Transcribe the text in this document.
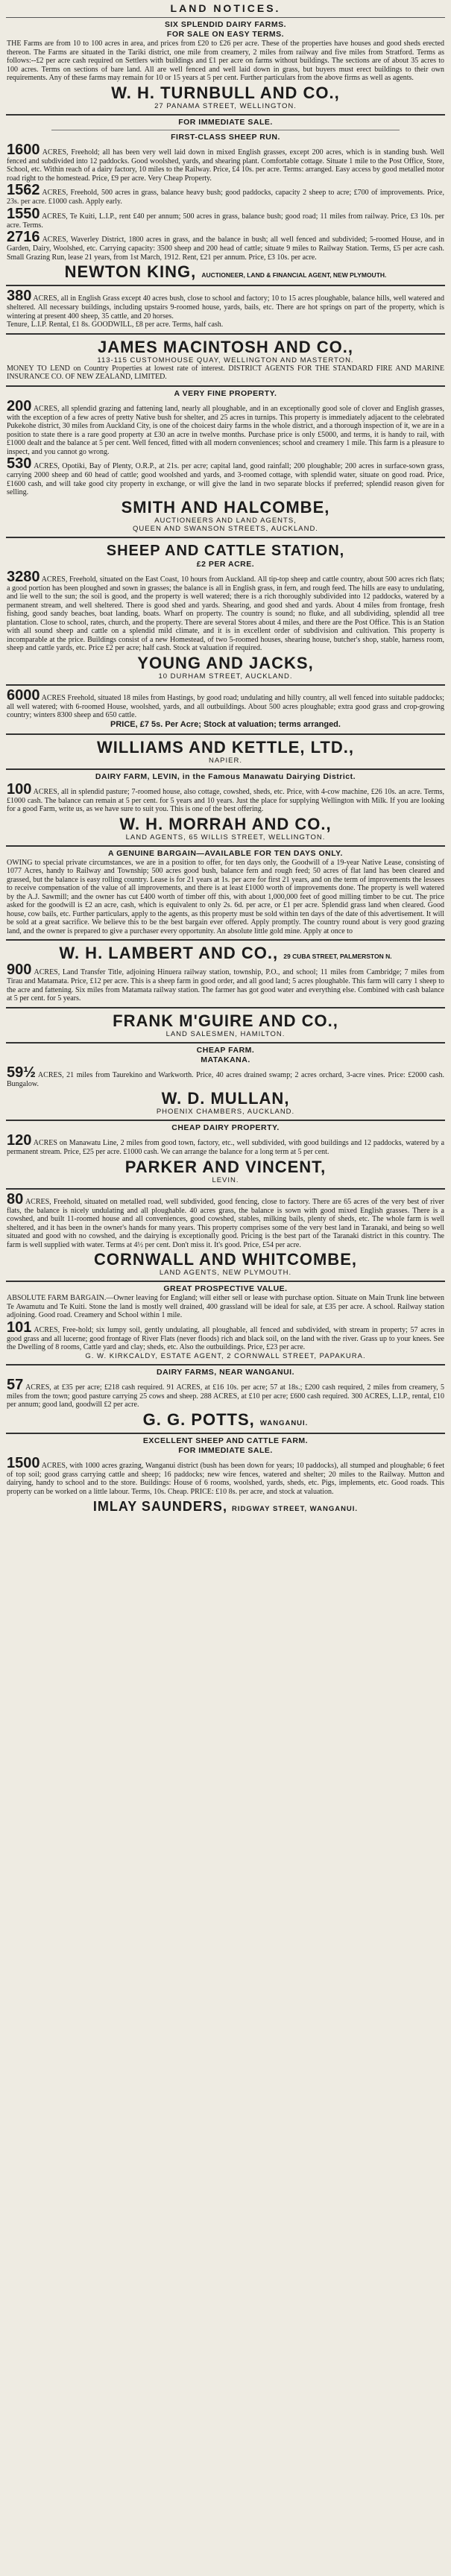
LAND NOTICES.
SIX SPLENDID DAIRY FARMS.
FOR SALE ON EASY TERMS.

THE Farms are from 10 to 100 acres in area, and prices from £20 to £26 per acre. These of the properties have houses and good sheds erected thereon. The Farms are situated in the Tariki district, one mile from creamery, 2 miles from railway and five miles from Stratford. Terms as follows:--£2 per acre cash required on Settlers with buildings and £1 per acre on farms without buildings. The sections are of about 35 acres to 100 acres. Terms on sections of bare land. All are well fenced and well laid down in grass, but buyers must erect buildings to their own requirements. Any of these farms may remain for 10 or 15 years at 5 per cent. Further particulars from the above firms as well as agents.

W. H. TURNBULL AND CO.,
27 PANAMA STREET, WELLINGTON.
FOR IMMEDIATE SALE.
FIRST-CLASS SHEEP RUN.

1600 ACRES, Freehold; all has been very well laid down in mixed English grasses, except 200 acres, which is in standing bush. Well fenced and subdivided into 12 paddocks. Good woolshed, yards, and shearing plant. Comfortable cottage. Situate 1 mile to the Post Office, Store, School, etc. Within reach of a dairy factory, 10 miles to the Railway. Price, £4 10s. per acre. Terms: arranged. Easy access by good metalled motor road right to the homestead. Price, £9 per acre. Very Cheap Property.

1562 ACRES, Freehold, 500 acres in grass, balance heavy bush; good paddocks, capacity 2 sheep to acre; £700 of improvements. Price, 23s. per acre. £1000 cash. Apply early.

1550 ACRES, Te Kuiti, L.I.P., rent £40 per annum; 500 acres in grass, balance bush; good road; 11 miles from railway. Price, £3 10s. per acre. Terms.

2716 ACRES, Waverley District, 1800 acres in grass, and the balance in bush; all well fenced and subdivided; 5-roomed House, and in Garden, Dairy, Woolshed, etc. Carrying capacity: 3500 sheep and 200 head of cattle; situate 9 miles to Railway Station. Terms, £5 per acre cash. Small Grazing Run, lease 21 years, from 1st March, 1912. Rent, £21 per annum. Price, £3 10s. per acre.

NEWTON KING, AUCTIONEER, LAND & FINANCIAL AGENT, NEW PLYMOUTH.

380 ACRES, all in English Grass except 40 acres bush, close to school and factory; 10 to 15 acres ploughable, balance hills, well watered and sheltered. All necessary buildings, including upstairs 9-roomed house, yards, bails, etc. There are hot springs on part of the property, which is wintering at present 400 sheep, 35 cattle, and 20 horses.

Tenure, L.I.P. Rental, £1 8s. GOODWILL, £8 per acre. Terms, half cash.

JAMES MACINTOSH AND CO.,
113-115 CUSTOMHOUSE QUAY, WELLINGTON AND MASTERTON.

MONEY TO LEND on Country Properties at lowest rate of interest. DISTRICT AGENTS FOR THE STANDARD FIRE AND MARINE INSURANCE CO. OF NEW ZEALAND, LIMITED.

A VERY FINE PROPERTY.

200 ACRES, all splendid grazing and fattening land, nearly all ploughable, and in an exceptionally good sole of clover and English grasses, with the exception of a few acres of pretty Native bush for shelter, and 25 acres in turnips. This property is immediately adjacent to the celebrated Pukekohe district, 30 miles from Auckland City, is one of the choicest dairy farms in the whole district, and a thorough inspection of it, we are in a position to state there is a rare good property at £30 an acre in twelve months. Purchase price is only £5000, and terms, it is handy to rail, with £1000 dealt and the balance at 5 per cent. Well fenced, fitted with all modern conveniences; school and creamery 1 mile. This farm is a pleasure to inspect, and you cannot go wrong.

530 ACRES, Opotiki, Bay of Plenty, O.R.P., at 21s. per acre; capital land, good rainfall; 200 ploughable; 200 acres in surface-sown grass, carrying 2000 sheep and 60 head of cattle; good woolshed and yards, and 3-roomed cottage, with splendid water, situate on good road. Price, £1600 cash, and will take good city property in exchange, or will give the land in two separate blocks if preferred; splendid reason given for selling.

SMITH AND HALCOMBE,
AUCTIONEERS AND LAND AGENTS,
QUEEN AND SWANSON STREETS, AUCKLAND.
SHEEP AND CATTLE STATION,
£2 PER ACRE.

3280 ACRES, Freehold, situated on the East Coast, 10 hours from Auckland. All tip-top sheep and cattle country, about 500 acres rich flats; a good portion has been ploughed and sown in grasses; the balance is all in English grass, in fern, and rough feed. The hills are easy to undulating, and lie well to the sun; the soil is good, and the property is well watered; there is a rich thoroughly subdivided into 12 paddocks, watered by a permanent stream, and well sheltered. There is good shed and yards. Shearing, and good shed and yards. About 4 miles from frontage, fresh fishing, good sandy beaches, boat landing, boats. Wharf on property. The country is sound; no fluke, and all subdividing, splendid all tree plantation. Close to school, rates, church, and the property. There are several Stores about 4 miles, and there are the Post Office. This is an Station with all sound sheep and cattle on a splendid mild climate, and it is in excellent order of subdivision and cultivation. This property is incomparable at the price. Buildings consist of a new Homestead, of two 5-roomed houses, shearing house, butcher's shop, stable, harness room, sheep and cattle yards, etc. Price £2 per acre; half cash. Stock at valuation if required.

YOUNG AND JACKS,
10 DURHAM STREET, AUCKLAND.

6000 ACRES Freehold, situated 18 miles from Hastings, by good road; undulating and hilly country, all well fenced into suitable paddocks; all well watered; with 6-roomed House, woolshed, yards, and all outbuildings. About 500 acres ploughable; extra good grass and crop-growing country; winters 8300 sheep and 650 cattle.

PRICE, £7 5s. Per Acre; Stock at valuation; terms arranged.
WILLIAMS AND KETTLE, LTD.,
NAPIER.
DAIRY FARM, LEVIN, in the Famous Manawatu Dairying District.

100 ACRES, all in splendid pasture; 7-roomed house, also cottage, cowshed, sheds, etc. Price, with 4-cow machine, £26 10s. an acre. Terms, £1000 cash. The balance can remain at 5 per cent. for 5 years and 10 years. Just the place for supplying Wellington with Milk. If you are looking for a good Farm, write us, as we have sure to suit you. This is one of the best offering.

W. H. MORRAH AND CO.,
LAND AGENTS, 65 WILLIS STREET, WELLINGTON.
A GENUINE BARGAIN—AVAILABLE FOR TEN DAYS ONLY.

OWING to special private circumstances, we are in a position to offer, for ten days only, the Goodwill of a 19-year Native Lease, consisting of 1077 Acres, handy to Railway and Township; 500 acres good bush, balance fern and rough feed; 50 acres of flat land has been cleared and grassed, but the balance is easy rolling country. Lease is for 21 years at 1s. per acre for first 21 years, and on the term of improvements the lessees to receive compensation of the value of all improvements, and there is at least £1000 worth of improvements done. The property is well watered by the A.J. Sawmill; and the owner has cut £400 worth of timber off this, with about 1,000,000 feet of good milling timber to be cut. The price asked for the goodwill is £2 an acre, cash, which is equivalent to only 2s. 6d. per acre, or £1 per acre. Splendid grass land when cleared. Good house, cow bails, etc. Further particulars, apply to the agents, as this property must be sold within ten days of the date of this advertisement. It will be sold at a great sacrifice. We believe this to be the best bargain ever offered. Apply promptly. The country round about is very good grazing land, and the owner is prepared to give a purchaser every opportunity. An absolute little gold mine. Apply at once to

W. H. LAMBERT AND CO., 29 CUBA STREET, PALMERSTON N.

900 ACRES, Land Transfer Title, adjoining Hinuera railway station, township, P.O., and school; 11 miles from Cambridge; 7 miles from Tirau and Matamata. Price, £12 per acre. This is a sheep farm in good order, and all good land; 5 acres ploughable. This farm will carry 1 sheep to the acre and fattening. Six miles from Matamata railway station. The farmer has got good water and everything else. Combined with cash balance at 5 per cent. for 5 years.

FRANK M'GUIRE AND CO.,
LAND SALESMEN, HAMILTON.
CHEAP FARM.
MATAKANA.

59½ ACRES, 21 miles from Taurekino and Warkworth. Price, 40 acres drained swamp; 2 acres orchard, 3-acre vines. Price: £2000 cash. Bungalow.

W. D. MULLAN,
PHOENIX CHAMBERS, AUCKLAND.
CHEAP DAIRY PROPERTY.

120 ACRES on Manawatu Line, 2 miles from good town, factory, etc., well subdivided, with good buildings and 12 paddocks, watered by a permanent stream. Price, £25 per acre. £1000 cash. We can arrange the balance for a long term at 5 per cent.

PARKER AND VINCENT,
LEVIN.

80 ACRES, Freehold, situated on metalled road, well subdivided, good fencing, close to factory. There are 65 acres of the very best of river flats, the balance is nicely undulating and all ploughable. 40 acres grass, the balance is sown with good mixed English grasses. There is a cowshed, and built 11-roomed house and all conveniences, good cowshed, stables, milking bails, plenty of sheds, etc. The whole farm is well sheltered, and it has been in the owner's hands for many years. This property comprises some of the very best land in Taranaki, and being so well situated and good with no cowshed, and the dairying is exceptionally good. Pricing is the best part of the Taranaki district in this country. The farm is well supplied with water. Terms at 4½ per cent. Don't miss it. It's good. Price, £54 per acre.

CORNWALL AND WHITCOMBE,
LAND AGENTS, NEW PLYMOUTH.
GREAT PROSPECTIVE VALUE.

ABSOLUTE FARM BARGAIN.—Owner leaving for England; will either sell or lease with purchase option. Situate on Main Trunk line between Te Awamutu and Te Kuiti. Stone the land is mostly well drained, 400 grassland will be ideal for sale, at £35 per acre. A school. Railway station adjoining. Good road. Creamery and School within 1 mile.

101 ACRES, Free-hold; six lumpy soil, gently undulating, all ploughable, all fenced and subdivided, with stream in property; 57 acres in good grass and all lucerne; good frontage of River Flats (never floods) rich and black soil, on the land with the river. Grass up to your knees. See the Dwelling of 8 rooms, Cattle yard and clay; sheds, etc. Also the outbuildings. Price, £23 per acre.

G. W. KIRKCALDY, ESTATE AGENT, 2 CORNWALL STREET, PAPAKURA.
DAIRY FARMS, NEAR WANGANUI.

57 ACRES, at £35 per acre; £218 cash required. 91 ACRES, at £16 10s. per acre; 57 at 18s.; £200 cash required, 2 miles from creamery, 5 miles from the town; good pasture carrying 25 cows and sheep. 288 ACRES, at £10 per acre; £600 cash required. 300 ACRES, L.I.P., rental, £10 per annum; good land, goodwill £2 per acre.

G. G. POTTS, WANGANUI.
EXCELLENT SHEEP AND CATTLE FARM.
FOR IMMEDIATE SALE.

1500 ACRES, with 1000 acres grazing, Wanganui district (bush has been down for years; 10 paddocks), all stumped and ploughable; 6 feet of top soil; good grass carrying cattle and sheep; 16 paddocks; new wire fences, watered and shelter; 20 miles to the Railway. Mutton and dairying, handy to school and to the store. Buildings: House of 6 rooms, woolshed, yards, sheds, etc. Pigs, implements, etc. Good roads. This property can be worked on a little labour. Terms, 10s. Cheap. PRICE: £10 8s. per acre, and stock at valuation.

IMLAY SAUNDERS, RIDGWAY STREET, WANGANUI.
